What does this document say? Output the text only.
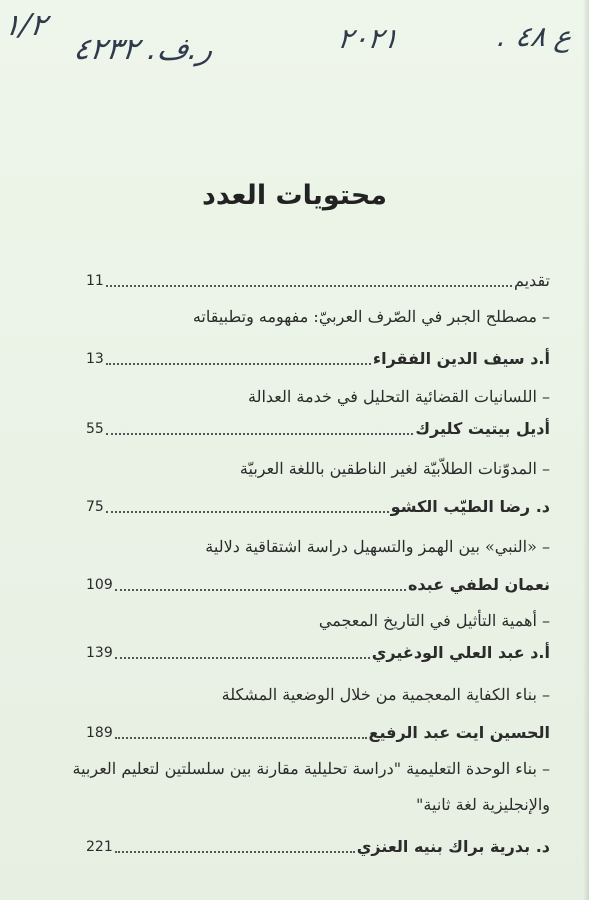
١/٢
ر.ف. ٤٢٣٢	٢٠٢١	ع ٤٨ .
محتويات العدد
تقديم
11
– مصطلح الجبر في الصّرف العربيّ: مفهومه وتطبيقاته
أ.د سيف الدين الفقراء
13
– اللسانيات القضائية التحليل في خدمة العدالة
أديل بيتيت كليرك
55
– المدوّنات الطلاّبيّة لغير الناطقين باللغة العربيّة
د. رضا الطيّب الكشو
75
– «النبي» بين الهمز والتسهيل دراسة اشتقاقية دلالية
نعمان لطفي عبده
109
– أهمية التأثيل في التاريخ المعجمي
أ.د عبد العلي الودغيري
139
– بناء الكفاية المعجمية من خلال الوضعية المشكلة
الحسين ايت عبد الرفيع
189
– بناء الوحدة التعليمية "دراسة تحليلية مقارنة بين سلسلتين لتعليم العربية
والإنجليزية لغة ثانية"
د. بدرية براك بنيه العنزي
221
